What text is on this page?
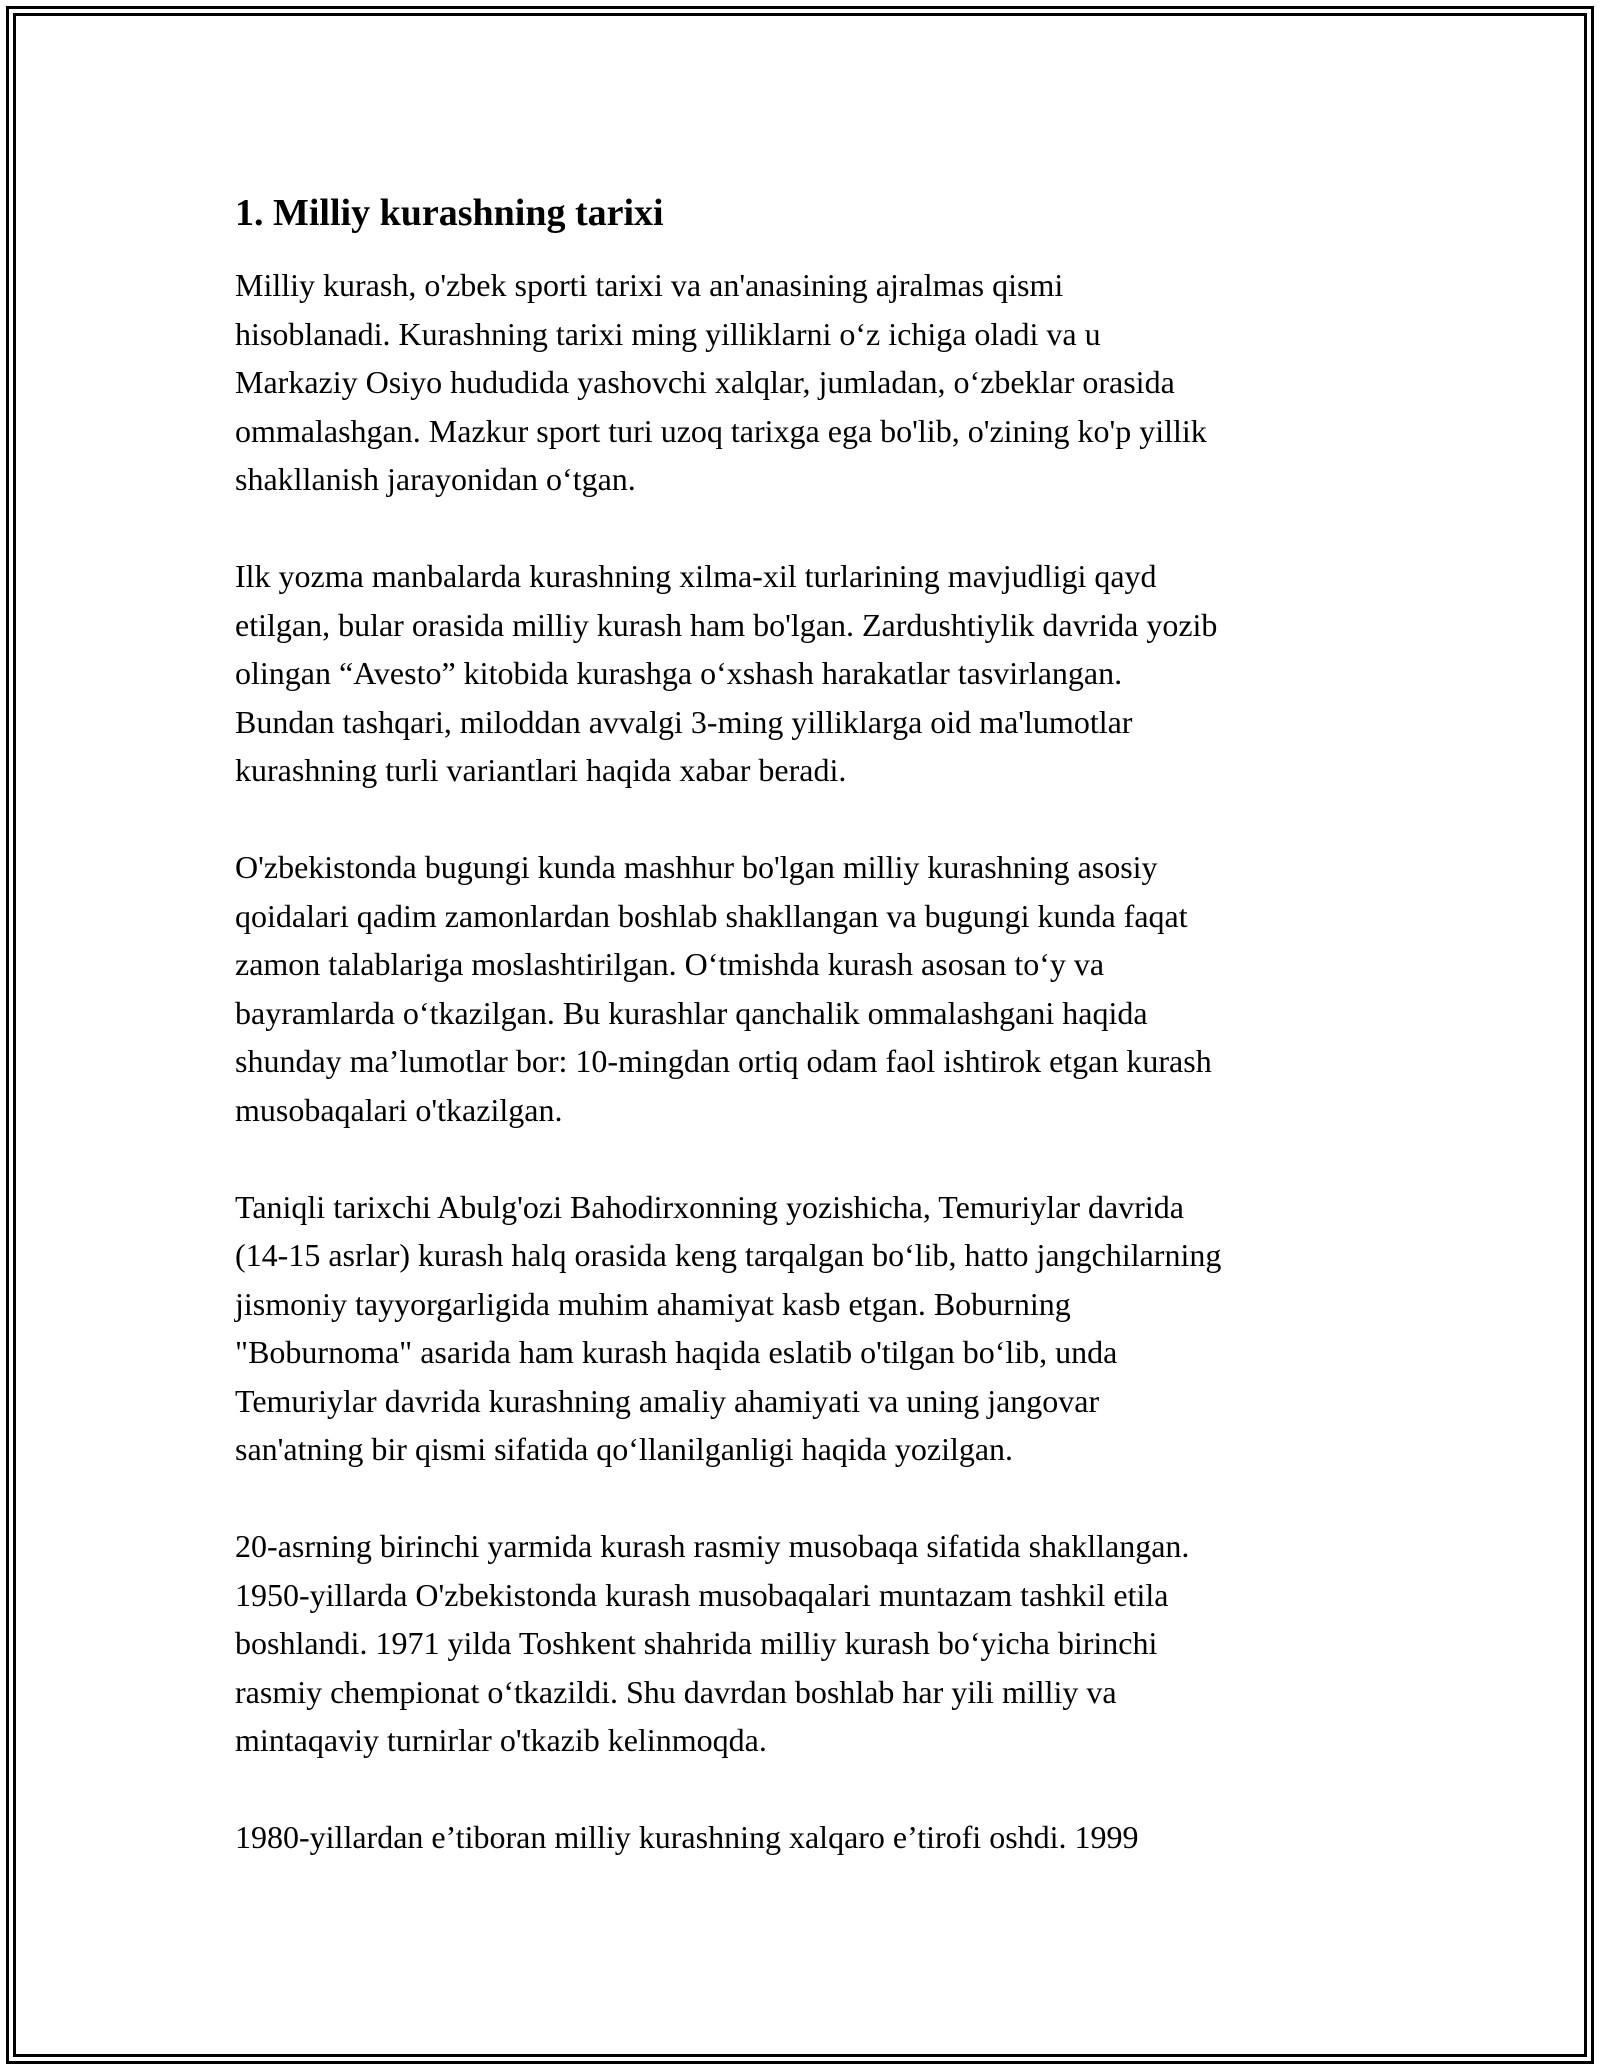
1. Milliy kurashning tarixi

Milliy kurash, o'zbek sporti tarixi va an'anasining ajralmas qismi
hisoblanadi. Kurashning tarixi ming yilliklarni o‘z ichiga oladi va u
Markaziy Osiyo hududida yashovchi xalqlar, jumladan, o‘zbeklar orasida
ommalashgan. Mazkur sport turi uzoq tarixga ega bo'lib, o'zining ko'p yillik
shakllanish jarayonidan o‘tgan.

Ilk yozma manbalarda kurashning xilma-xil turlarining mavjudligi qayd
etilgan, bular orasida milliy kurash ham bo'lgan. Zardushtiylik davrida yozib
olingan “Avesto” kitobida kurashga o‘xshash harakatlar tasvirlangan.
Bundan tashqari, miloddan avvalgi 3-ming yilliklarga oid ma'lumotlar
kurashning turli variantlari haqida xabar beradi.

O'zbekistonda bugungi kunda mashhur bo'lgan milliy kurashning asosiy
qoidalari qadim zamonlardan boshlab shakllangan va bugungi kunda faqat
zamon talablariga moslashtirilgan. O‘tmishda kurash asosan to‘y va
bayramlarda o‘tkazilgan. Bu kurashlar qanchalik ommalashgani haqida
shunday ma’lumotlar bor: 10-mingdan ortiq odam faol ishtirok etgan kurash
musobaqalari o'tkazilgan.

Taniqli tarixchi Abulg'ozi Bahodirxonning yozishicha, Temuriylar davrida
(14-15 asrlar) kurash halq orasida keng tarqalgan bo‘lib, hatto jangchilarning
jismoniy tayyorgarligida muhim ahamiyat kasb etgan. Boburning
"Boburnoma" asarida ham kurash haqida eslatib o'tilgan bo‘lib, unda
Temuriylar davrida kurashning amaliy ahamiyati va uning jangovar
san'atning bir qismi sifatida qo‘llanilganligi haqida yozilgan.

20-asrning birinchi yarmida kurash rasmiy musobaqa sifatida shakllangan.
1950-yillarda O'zbekistonda kurash musobaqalari muntazam tashkil etila
boshlandi. 1971 yilda Toshkent shahrida milliy kurash bo‘yicha birinchi
rasmiy chempionat o‘tkazildi. Shu davrdan boshlab har yili milliy va
mintaqaviy turnirlar o'tkazib kelinmoqda.

1980-yillardan e’tiboran milliy kurashning xalqaro e’tirofi oshdi. 1999
